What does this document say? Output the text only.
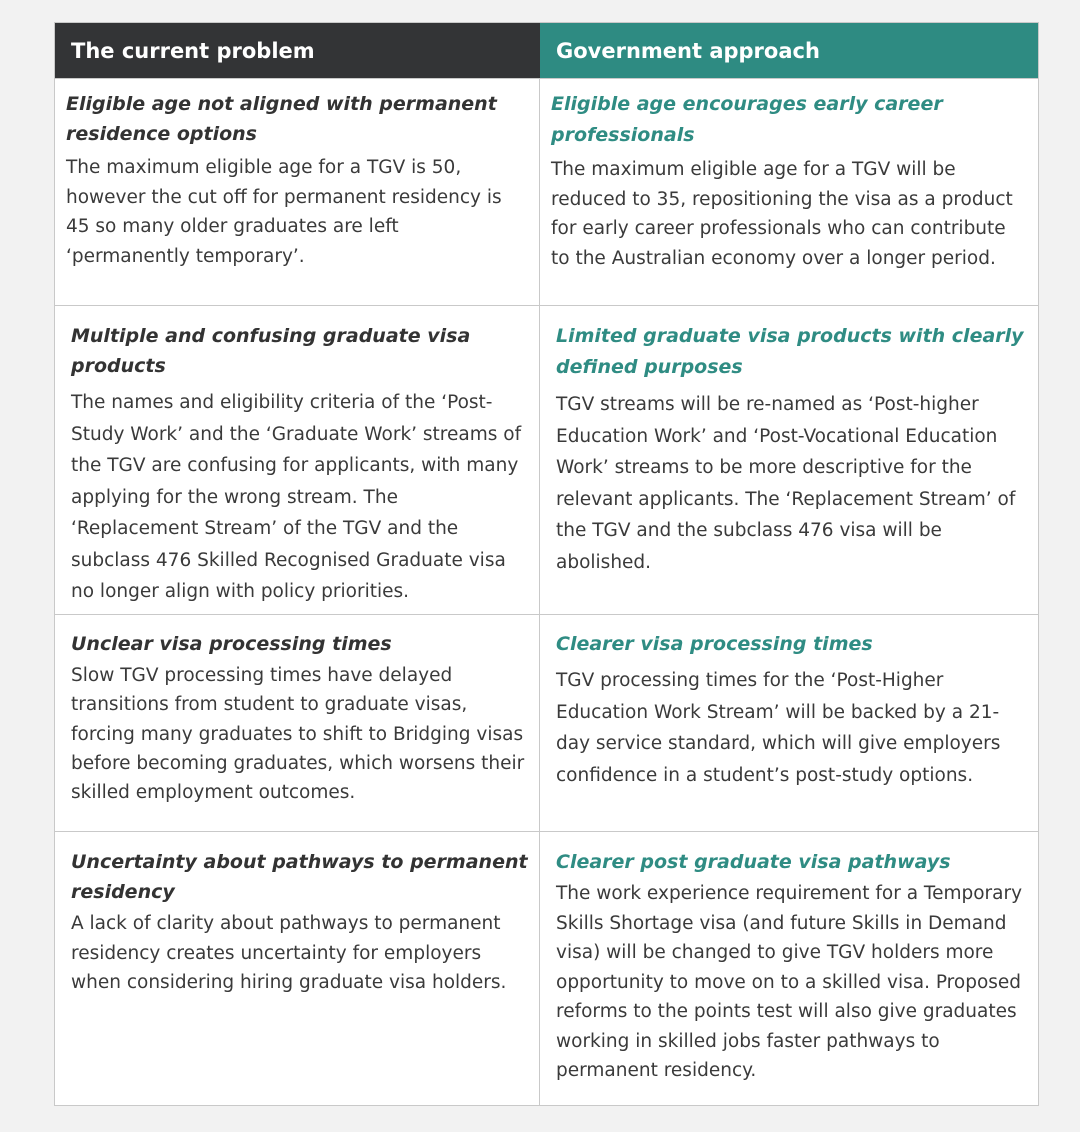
The current problem	Government approach
Eligible age not aligned with permanent residence options
The maximum eligible age for a TGV is 50, however the cut off for permanent residency is 45 so many older graduates are left ‘permanently temporary’.
Eligible age encourages early career professionals
The maximum eligible age for a TGV will be reduced to 35, repositioning the visa as a product for early career professionals who can contribute to the Australian economy over a longer period.
Multiple and confusing graduate visa products
The names and eligibility criteria of the ‘Post-Study Work’ and the ‘Graduate Work’ streams of the TGV are confusing for applicants, with many applying for the wrong stream. The ‘Replacement Stream’ of the TGV and the subclass 476 Skilled Recognised Graduate visa no longer align with policy priorities.
Limited graduate visa products with clearly defined purposes
TGV streams will be re-named as ‘Post-higher Education Work’ and ‘Post-Vocational Education Work’ streams to be more descriptive for the relevant applicants. The ‘Replacement Stream’ of the TGV and the subclass 476 visa will be abolished.
Unclear visa processing times
Slow TGV processing times have delayed transitions from student to graduate visas, forcing many graduates to shift to Bridging visas before becoming graduates, which worsens their skilled employment outcomes.
Clearer visa processing times
TGV processing times for the ‘Post-Higher Education Work Stream’ will be backed by a 21-day service standard, which will give employers confidence in a student’s post-study options.
Uncertainty about pathways to permanent residency
A lack of clarity about pathways to permanent residency creates uncertainty for employers when considering hiring graduate visa holders.
Clearer post graduate visa pathways
The work experience requirement for a Temporary Skills Shortage visa (and future Skills in Demand visa) will be changed to give TGV holders more opportunity to move on to a skilled visa. Proposed reforms to the points test will also give graduates working in skilled jobs faster pathways to permanent residency.
